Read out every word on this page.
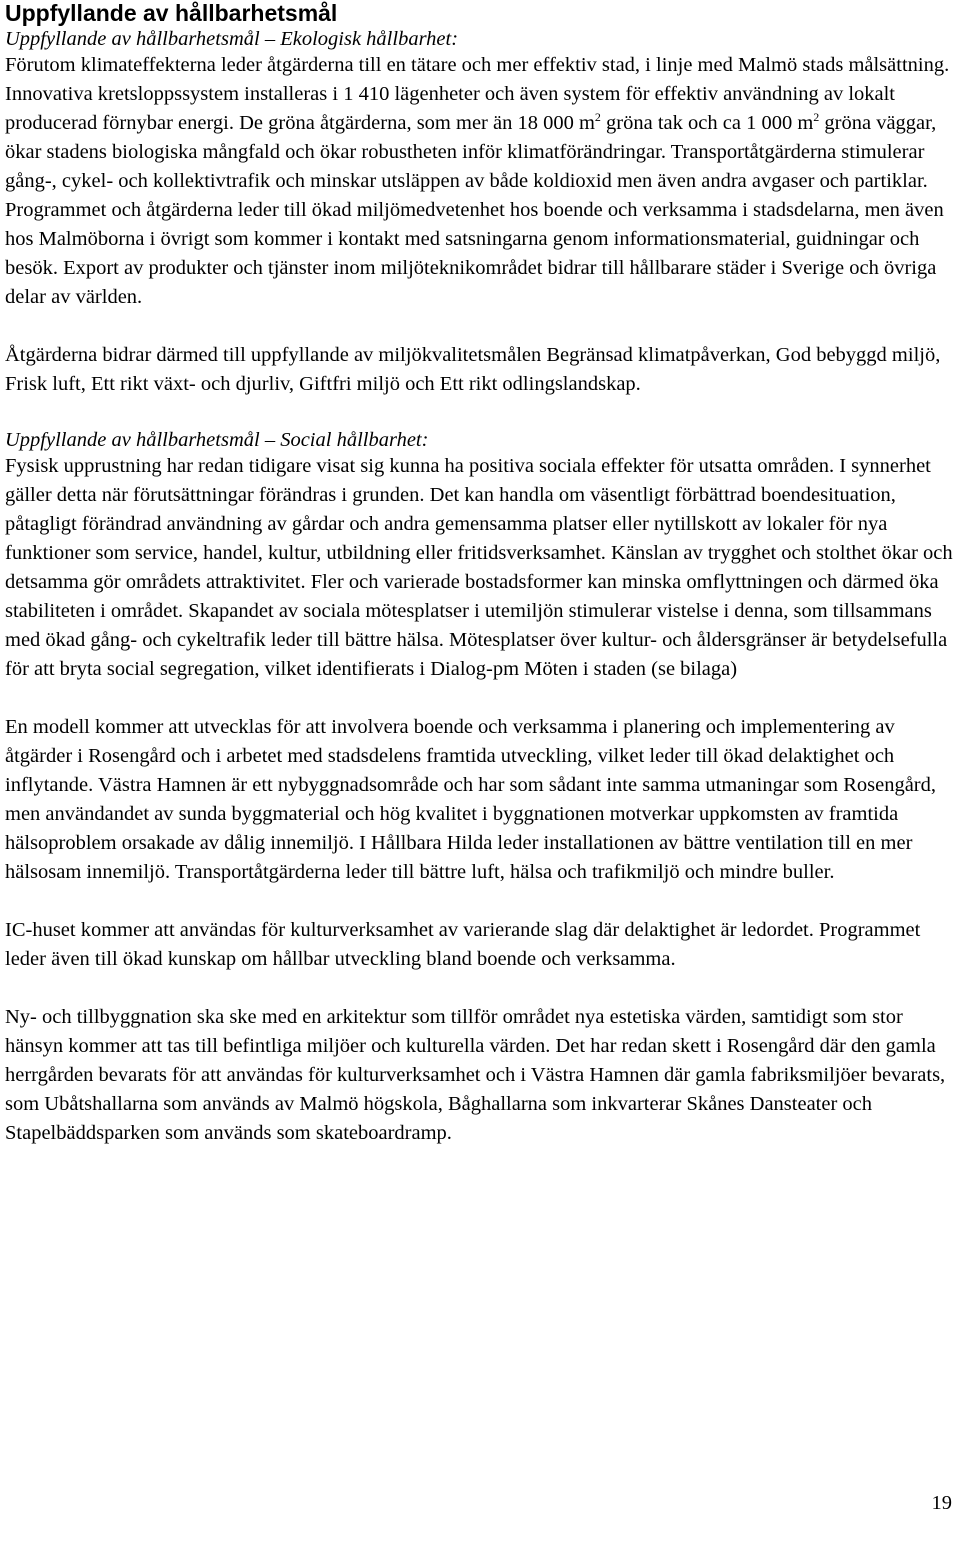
Uppfyllande av hållbarhetsmål

Uppfyllande av hållbarhetsmål – Ekologisk hållbarhet:

Förutom klimateffekterna leder åtgärderna till en tätare och mer effektiv stad, i linje med Malmö stads målsättning. Innovativa kretsloppssystem installeras i 1 410 lägenheter och även system för effektiv användning av lokalt producerad förnybar energi. De gröna åtgärderna, som mer än 18 000 $m^2$ gröna tak och ca 1 000 $m^2$ gröna väggar, ökar stadens biologiska mångfald och ökar robustheten inför klimatförändringar. Transportåtgärderna stimulerar gång-, cykel- och kollektivtrafik och minskar utsläppen av både koldioxid men även andra avgaser och partiklar. Programmet och åtgärderna leder till ökad miljömedvetenhet hos boende och verksamma i stadsdelarna, men även hos Malmöborna i övrigt som kommer i kontakt med satsningarna genom informationsmaterial, guidningar och besök. Export av produkter och tjänster inom miljöteknikområdet bidrar till hållbarare städer i Sverige och övriga delar av världen.

Åtgärderna bidrar därmed till uppfyllande av miljökvalitetsmålen Begränsad klimatpåverkan, God bebyggd miljö, Frisk luft, Ett rikt växt- och djurliv, Giftfri miljö och Ett rikt odlingslandskap.

Uppfyllande av hållbarhetsmål – Social hållbarhet:

Fysisk upprustning har redan tidigare visat sig kunna ha positiva sociala effekter för utsatta områden. I synnerhet gäller detta när förutsättningar förändras i grunden. Det kan handla om väsentligt förbättrad boendesituation, påtagligt förändrad användning av gårdar och andra gemensamma platser eller nytillskott av lokaler för nya funktioner som service, handel, kultur, utbildning eller fritidsverksamhet. Känslan av trygghet och stolthet ökar och detsamma gör områdets attraktivitet. Fler och varierade bostadsformer kan minska omflyttningen och därmed öka stabiliteten i området. Skapandet av sociala mötesplatser i utemiljön stimulerar vistelse i denna, som tillsammans med ökad gång- och cykeltrafik leder till bättre hälsa. Mötesplatser över kultur- och åldersgränser är betydelsefulla för att bryta social segregation, vilket identifierats i Dialog-pm Möten i staden (se bilaga)

En modell kommer att utvecklas för att involvera boende och verksamma i planering och implementering av åtgärder i Rosengård och i arbetet med stadsdelens framtida utveckling, vilket leder till ökad delaktighet och inflytande. Västra Hamnen är ett nybyggnadsområde och har som sådant inte samma utmaningar som Rosengård, men användandet av sunda byggmaterial och hög kvalitet i byggnationen motverkar uppkomsten av framtida hälsoproblem orsakade av dålig innemiljö. I Hållbara Hilda leder installationen av bättre ventilation till en mer hälsosam innemiljö. Transportåtgärderna leder till bättre luft, hälsa och trafikmiljö och mindre buller.

IC-huset kommer att användas för kulturverksamhet av varierande slag där delaktighet är ledordet. Programmet leder även till ökad kunskap om hållbar utveckling bland boende och verksamma.

Ny- och tillbyggnation ska ske med en arkitektur som tillför området nya estetiska värden, samtidigt som stor hänsyn kommer att tas till befintliga miljöer och kulturella värden. Det har redan skett i Rosengård där den gamla herrgården bevarats för att användas för kulturverksamhet och i Västra Hamnen där gamla fabriksmiljöer bevarats, som Ubåtshallarna som används av Malmö högskola, Båghallarna som inkvarterar Skånes Dansteater och Stapelbäddsparken som används som skateboardramp.

19
